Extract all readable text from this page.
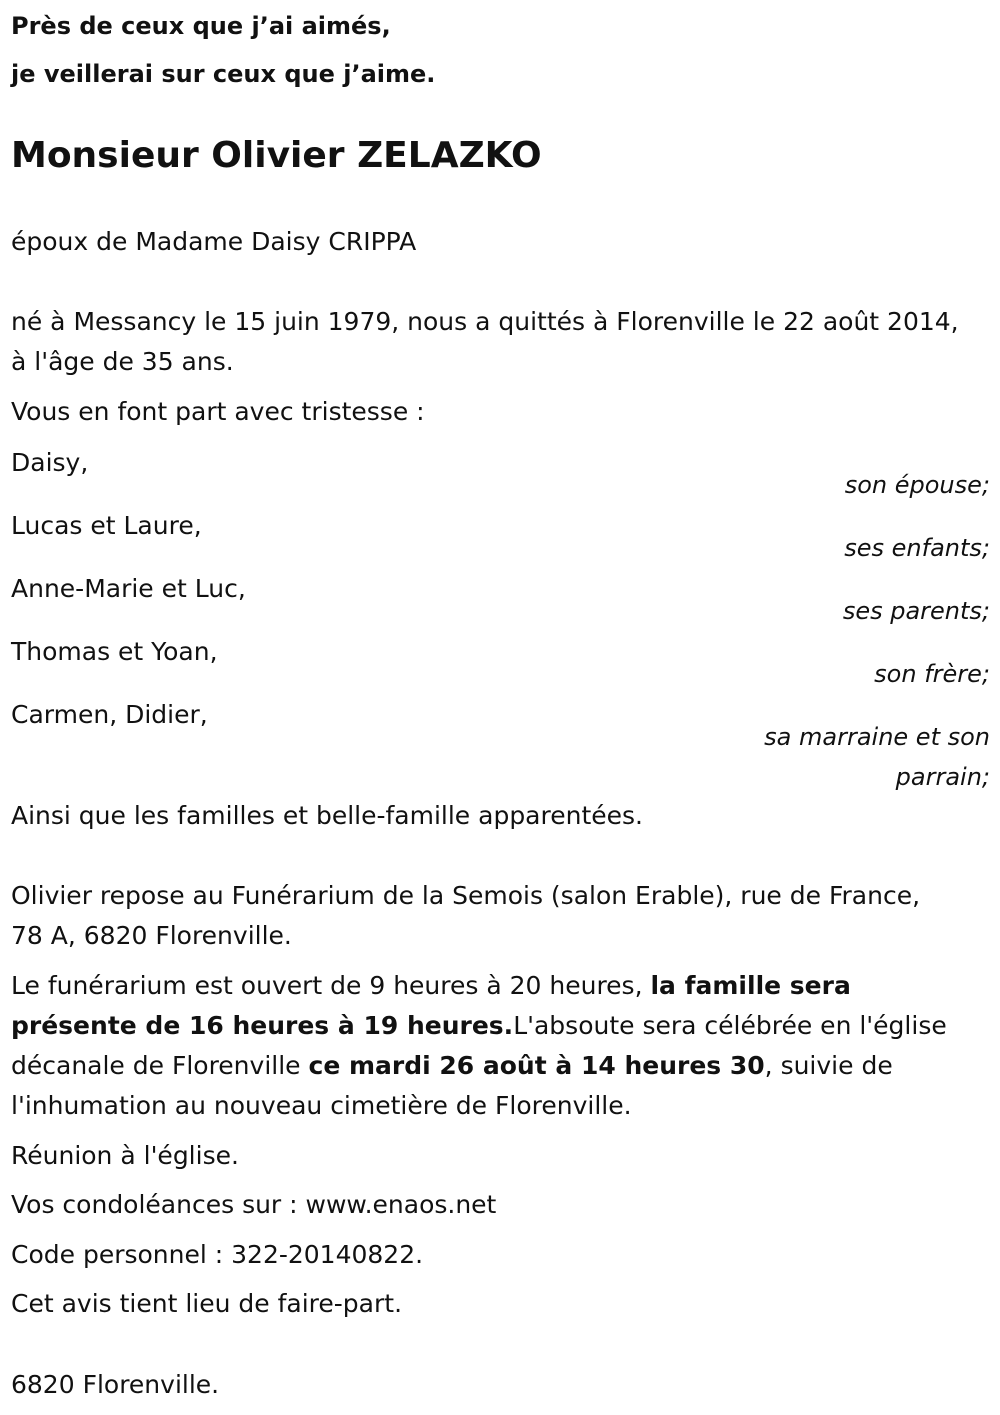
Près de ceux que j’ai aimés,

je veillerai sur ceux que j’aime.

Monsieur Olivier ZELAZKO

époux de Madame Daisy CRIPPA

né à Messancy le 15 juin 1979, nous a quittés à Florenville le 22 août 2014,

à l'âge de 35 ans.

Vous en font part avec tristesse :

Daisy,

son épouse;

Lucas et Laure,

ses enfants;

Anne-Marie et Luc,

ses parents;

Thomas et Yoan,

son frère;

Carmen, Didier,

sa marraine et son

parrain;

Ainsi que les familles et belle-famille apparentées.

Olivier repose au Funérarium de la Semois (salon Erable), rue de France,

78 A, 6820 Florenville.

Le funérarium est ouvert de 9 heures à 20 heures, la famille sera

présente de 16 heures à 19 heures.L'absoute sera célébrée en l'église

décanale de Florenville ce mardi 26 août à 14 heures 30, suivie de

l'inhumation au nouveau cimetière de Florenville.

Réunion à l'église.

Vos condoléances sur : www.enaos.net

Code personnel : 322-20140822.

Cet avis tient lieu de faire-part.

6820 Florenville.
